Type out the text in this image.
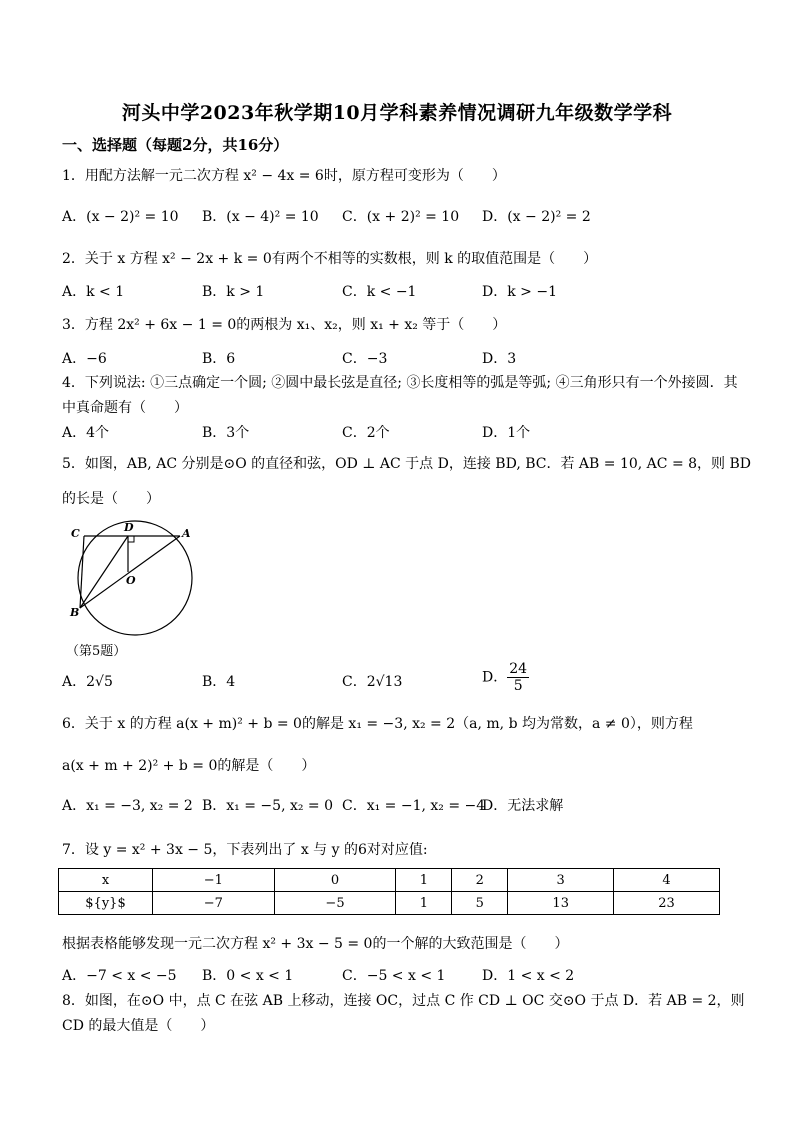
河头中学2023年秋学期10月学科素养情况调研九年级数学学科
一、选择题（每题2分，共16分）
1．用配方法解一元二次方程 x² − 4x = 6时，原方程可变形为（　　）
A．(x − 2)² = 10 B．(x − 4)² = 10 C．(x + 2)² = 10 D．(x − 2)² = 2
2．关于 x 方程 x² − 2x + k = 0有两个不相等的实数根，则 k 的取值范围是（　　）
A．k < 1	B．k > 1	C．k < −1	D．k > −1
3．方程 2x² + 6x − 1 = 0的两根为 x₁、x₂，则 x₁ + x₂ 等于（　　）
A．−6	B．6	C．−3	D．3
4．下列说法: ①三点确定一个圆; ②圆中最长弦是直径; ③长度相等的弧是等弧; ④三角形只有一个外接圆．其
中真命题有（　　）
A．4个	B．3个	C．2个	D．1个
5．如图，AB, AC 分别是⊙O 的直径和弦，OD ⊥ AC 于点 D，连接 BD, BC．若 AB = 10, AC = 8，则 BD
的长是（　　）
C	D	A
O
B
（第5题）
A．2√5	B．4	C．2√13	D． $\frac{24}{5}$
6．关于 x 的方程 a(x + m)² + b = 0的解是 x₁ = −3, x₂ = 2（a, m, b 均为常数，a ≠ 0），则方程
a(x + m + 2)² + b = 0的解是（　　）
A．x₁ = −3, x₂ = 2 B．x₁ = −5, x₂ = 0 C．x₁ = −1, x₂ = −4
D．无法求解
7．设 y = x² + 3x − 5，下表列出了 x 与 y 的6对对应值:
x	−1	0	1	2	3	4
${y}$	−7	−5	1	5	13	23
根据表格能够发现一元二次方程 x² + 3x − 5 = 0的一个解的大致范围是（　　）
A．−7 < x < −5 B．0 < x < 1	C．−5 < x < 1	D．1 < x < 2
8．如图，在⊙O 中，点 C 在弦 AB 上移动，连接 OC，过点 C 作 CD ⊥ OC 交⊙O 于点 D．若 AB = 2，则
CD 的最大值是（　　）
